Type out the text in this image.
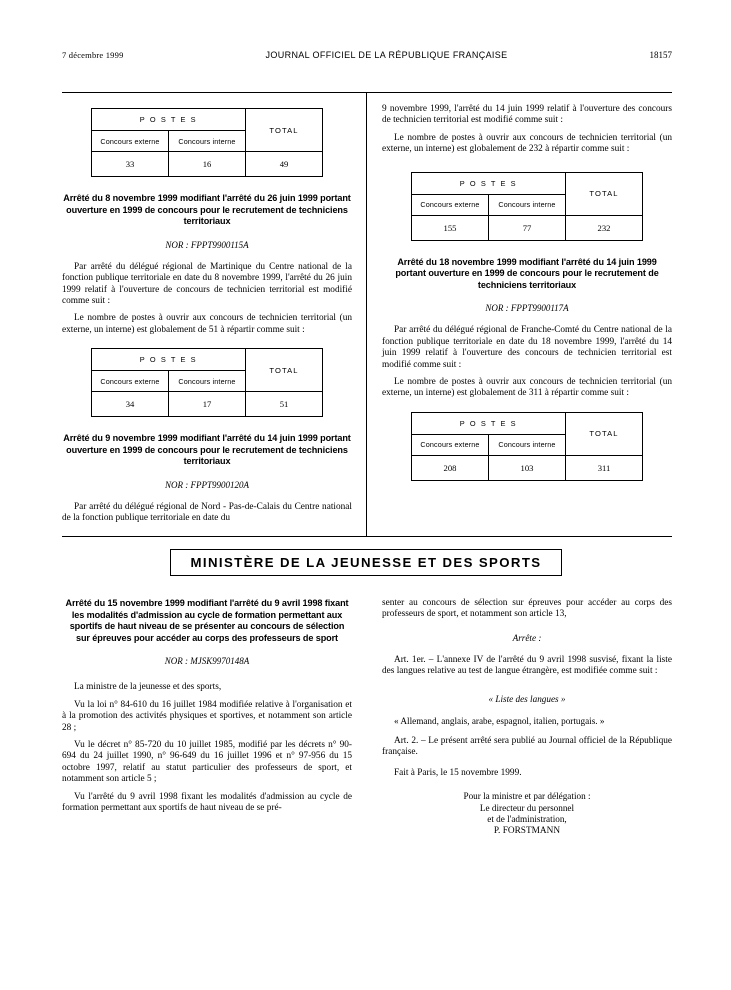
7 décembre 1999	JOURNAL OFFICIEL DE LA RÉPUBLIQUE FRANÇAISE	18157
P O S T E S		TOTAL
Concours externe	Concours interne	
33	16	49
Arrêté du 8 novembre 1999 modifiant l'arrêté du 26 juin 1999 portant ouverture en 1999 de concours pour le recrutement de techniciens territoriaux

NOR : FPPT9900115A

Par arrêté du délégué régional de Martinique du Centre national de la fonction publique territoriale en date du 8 novembre 1999, l'arrêté du 26 juin 1999 relatif à l'ouverture de concours de technicien territorial est modifié comme suit :

Le nombre de postes à ouvrir aux concours de technicien territorial (un externe, un interne) est globalement de 51 à répartir comme suit :

P O S T E S		TOTAL
Concours externe	Concours interne	
34	17	51
Arrêté du 9 novembre 1999 modifiant l'arrêté du 14 juin 1999 portant ouverture en 1999 de concours pour le recrutement de techniciens territoriaux

NOR : FPPT9900120A

Par arrêté du délégué régional de Nord - Pas-de-Calais du Centre national de la fonction publique territoriale en date du

9 novembre 1999, l'arrêté du 14 juin 1999 relatif à l'ouverture des concours de technicien territorial est modifié comme suit :

Le nombre de postes à ouvrir aux concours de technicien territorial (un externe, un interne) est globalement de 232 à répartir comme suit :

P O S T E S		TOTAL
Concours externe	Concours interne	
155	77	232
Arrêté du 18 novembre 1999 modifiant l'arrêté du 14 juin 1999 portant ouverture en 1999 de concours pour le recrutement de techniciens territoriaux

NOR : FPPT9900117A

Par arrêté du délégué régional de Franche-Comté du Centre national de la fonction publique territoriale en date du 18 novembre 1999, l'arrêté du 14 juin 1999 relatif à l'ouverture des concours de technicien territorial est modifié comme suit :

Le nombre de postes à ouvrir aux concours de technicien territorial (un externe, un interne) est globalement de 311 à répartir comme suit :

P O S T E S		TOTAL
Concours externe	Concours interne	
208	103	311
MINISTÈRE DE LA JEUNESSE ET DES SPORTS
Arrêté du 15 novembre 1999 modifiant l'arrêté du 9 avril 1998 fixant les modalités d'admission au cycle de formation permettant aux sportifs de haut niveau de se présenter au concours de sélection sur épreuves pour accéder au corps des professeurs de sport

NOR : MJSK9970148A

La ministre de la jeunesse et des sports,

Vu la loi n° 84-610 du 16 juillet 1984 modifiée relative à l'organisation et à la promotion des activités physiques et sportives, et notamment son article 28 ;

Vu le décret n° 85-720 du 10 juillet 1985, modifié par les décrets n° 90-694 du 24 juillet 1990, n° 96-649 du 16 juillet 1996 et n° 97-956 du 15 octobre 1997, relatif au statut particulier des professeurs de sport, et notamment son article 5 ;

Vu l'arrêté du 9 avril 1998 fixant les modalités d'admission au cycle de formation permettant aux sportifs de haut niveau de se pré-

senter au concours de sélection sur épreuves pour accéder au corps des professeurs de sport, et notamment son article 13,

Arrête :

Art. 1er. – L'annexe IV de l'arrêté du 9 avril 1998 susvisé, fixant la liste des langues relative au test de langue étrangère, est modifiée comme suit :

« Liste des langues »

« Allemand, anglais, arabe, espagnol, italien, portugais. »

Art. 2. – Le présent arrêté sera publié au Journal officiel de la République française.

Fait à Paris, le 15 novembre 1999.

Pour la ministre et par délégation :

Le directeur du personnel

et de l'administration,

P. FORSTMANN
